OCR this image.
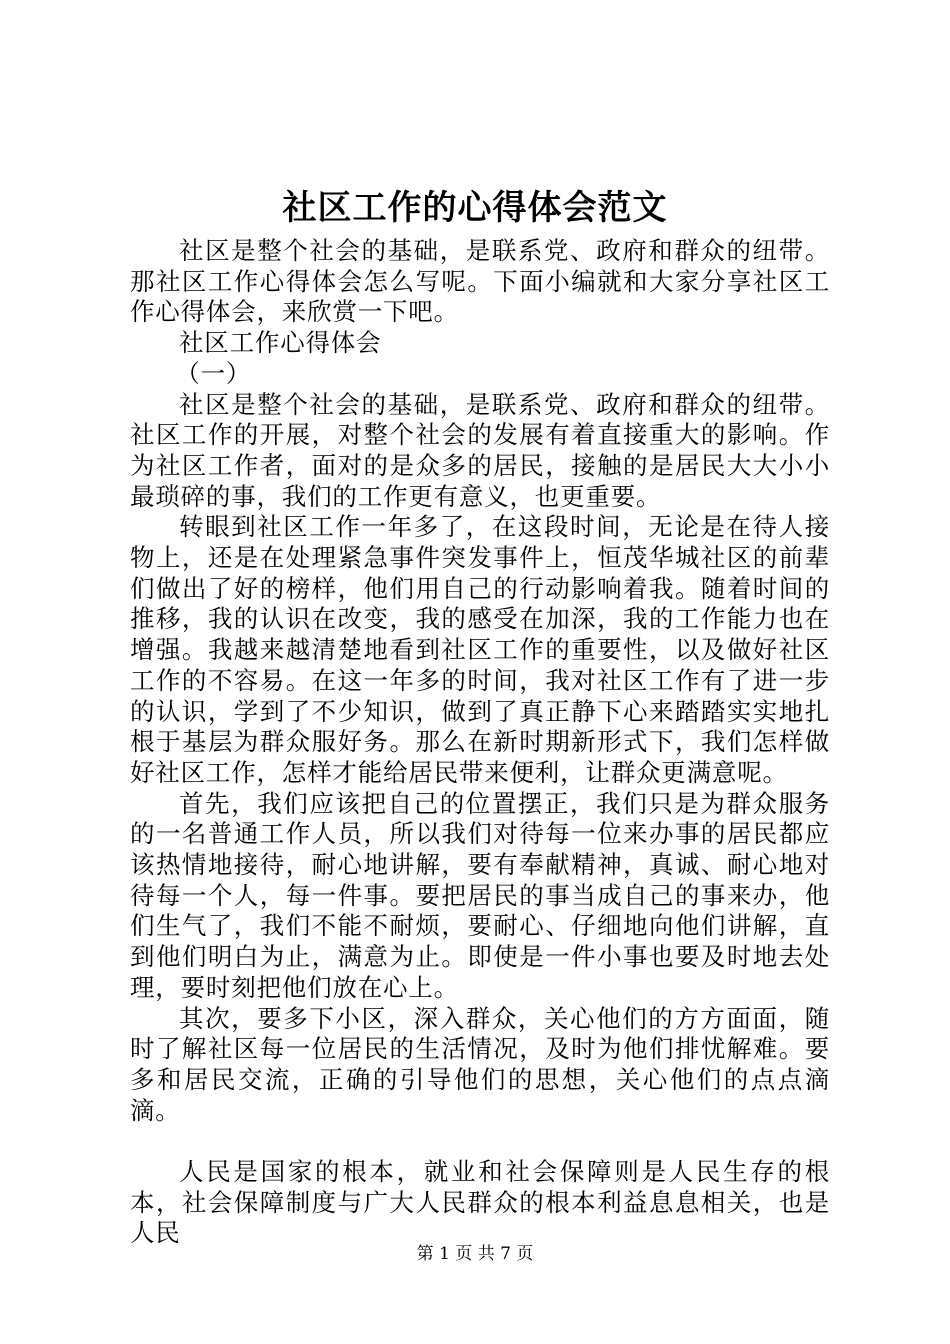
社区工作的心得体会范文

社区是整个社会的基础，是联系党、政府和群众的纽带。那社区工作心得体会怎么写呢。下面小编就和大家分享社区工作心得体会，来欣赏一下吧。

社区工作心得体会

（一）

社区是整个社会的基础，是联系党、政府和群众的纽带。社区工作的开展，对整个社会的发展有着直接重大的影响。作为社区工作者，面对的是众多的居民，接触的是居民大大小小最琐碎的事，我们的工作更有意义，也更重要。

转眼到社区工作一年多了，在这段时间，无论是在待人接物上，还是在处理紧急事件突发事件上，恒茂华城社区的前辈们做出了好的榜样，他们用自己的行动影响着我。随着时间的推移，我的认识在改变，我的感受在加深，我的工作能力也在增强。我越来越清楚地看到社区工作的重要性，以及做好社区工作的不容易。在这一年多的时间，我对社区工作有了进一步的认识，学到了不少知识，做到了真正静下心来踏踏实实地扎根于基层为群众服好务。那么在新时期新形式下，我们怎样做好社区工作，怎样才能给居民带来便利，让群众更满意呢。

首先，我们应该把自己的位置摆正，我们只是为群众服务的一名普通工作人员，所以我们对待每一位来办事的居民都应该热情地接待，耐心地讲解，要有奉献精神，真诚、耐心地对待每一个人，每一件事。要把居民的事当成自己的事来办，他们生气了，我们不能不耐烦，要耐心、仔细地向他们讲解，直到他们明白为止，满意为止。即使是一件小事也要及时地去处理，要时刻把他们放在心上。

其次，要多下小区，深入群众，关心他们的方方面面，随时了解社区每一位居民的生活情况，及时为他们排忧解难。要多和居民交流，正确的引导他们的思想，关心他们的点点滴滴。

人民是国家的根本，就业和社会保障则是人民生存的根本，社会保障制度与广大人民群众的根本利益息息相关，也是人民

第 1 页 共 7 页
